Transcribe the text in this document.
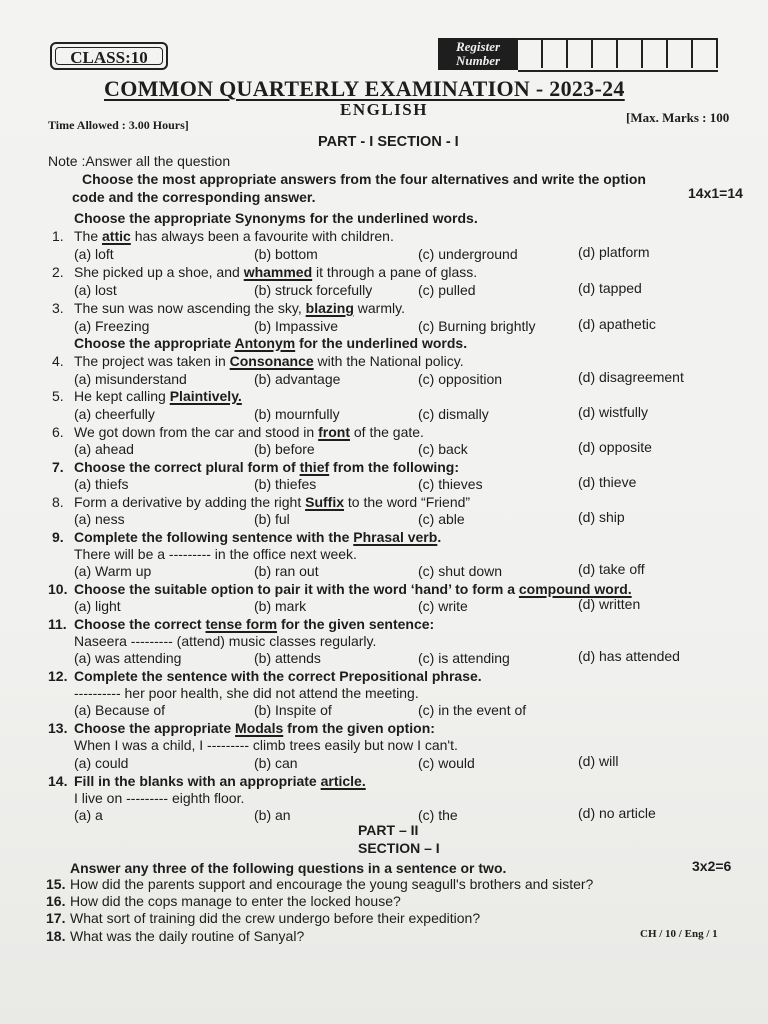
CLASS:10
Register Number
COMMON QUARTERLY EXAMINATION - 2023-24
ENGLISH
Time Allowed : 3.00 Hours]	[Max. Marks : 100
PART - I SECTION - I
Note :Answer all the question
Choose the most appropriate answers from the four alternatives and write the option
code and the corresponding answer.	14x1=14
Choose the appropriate Synonyms for the underlined words.
1. The attic has always been a favourite with children.
(a) loft	(b) bottom	(c) underground	(d) platform
2. She picked up a shoe, and whammed it through a pane of glass.
(a) lost	(b) struck forcefully	(c) pulled	(d) tapped
3. The sun was now ascending the sky, blazing warmly.
(a) Freezing	(b) Impassive	(c) Burning brightly	(d) apathetic
4. The project was taken in Consonance with the National policy.
(a) misunderstand	(b) advantage	(c) opposition	(d) disagreement
5. He kept calling Plaintively.
(a) cheerfully	(b) mournfully	(c) dismally	(d) wistfully
6. We got down from the car and stood in front of the gate.
(a) ahead	(b) before	(c) back	(d) opposite
7. Choose the correct plural form of thief from the following:
(a) thiefs	(b) thiefes	(c) thieves	(d) thieve
8. Form a derivative by adding the right Suffix to the word “Friend”
(a) ness	(b) ful	(c) able	(d) ship
9. Complete the following sentence with the Phrasal verb.
There will be a --------- in the office next week.
(a) Warm up	(b) ran out	(c) shut down	(d) take off
10. Choose the suitable option to pair it with the word ‘hand’ to form a compound word.
(a) light	(b) mark	(c) write	(d) written
11. Choose the correct tense form for the given sentence:
Naseera --------- (attend) music classes regularly.
(a) was attending	(b) attends	(c) is attending	(d) has attended
12. Complete the sentence with the correct Prepositional phrase.
---------- her poor health, she did not attend the meeting.
(a) Because of	(b) Inspite of	(c) in the event of
13. Choose the appropriate Modals from the given option:
When I was a child, I --------- climb trees easily but now I can't.
(a) could	(b) can	(c) would	(d) will
14. Fill in the blanks with an appropriate article.
I live on --------- eighth floor.
(a) a	(b) an	(c) the	(d) no article
Choose the appropriate Antonym for the underlined words.
PART – II
SECTION – I
Answer any three of the following questions in a sentence or two.	3x2=6
15. How did the parents support and encourage the young seagull's brothers and sister?
16. How did the cops manage to enter the locked house?
17. What sort of training did the crew undergo before their expedition?
18. What was the daily routine of Sanyal?	CH / 10 / Eng / 1
